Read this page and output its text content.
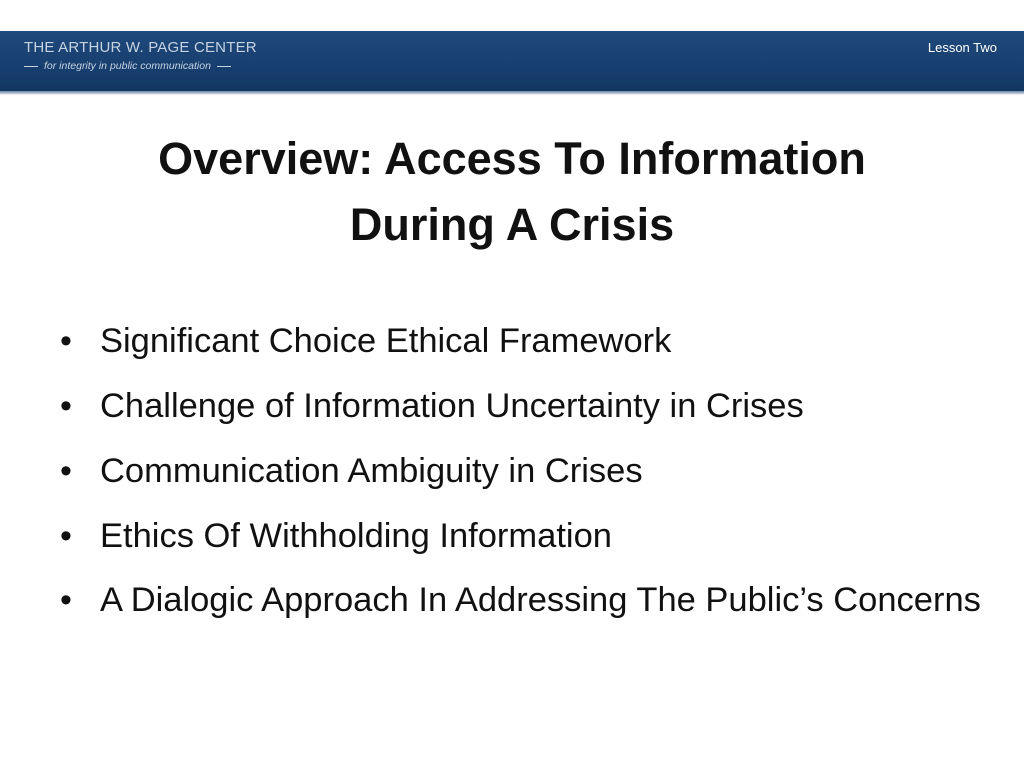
THE ARTHUR W. PAGE CENTER
for integrity in public communication
Lesson Two
Overview: Access To Information
During A Crisis
• Significant Choice Ethical Framework
• Challenge of Information Uncertainty in Crises
• Communication Ambiguity in Crises
• Ethics Of Withholding Information
• A Dialogic Approach In Addressing The Public’s Concerns
